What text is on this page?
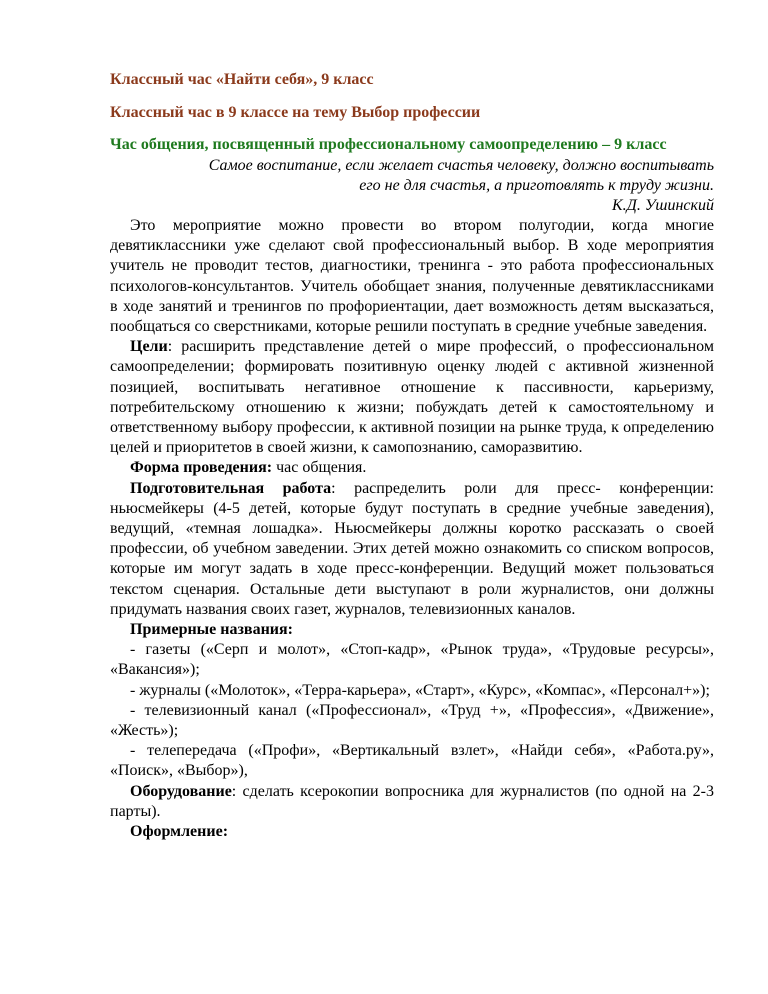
Классный час «Найти себя», 9 класс

Классный час в 9 классе на тему Выбор профессии

Час общения, посвященный профессиональному самоопределению – 9 класс

Самое воспитание, если желает счастья человеку, должно воспитывать
его не для счастья, а приготовлять к труду жизни.
К.Д. Ушинский

Это мероприятие можно провести во втором полугодии, когда многие девятиклассники уже сделают свой профессиональный выбор. В ходе мероприятия учитель не проводит тестов, диагностики, тренинга - это работа профессиональных психологов-консультантов. Учитель обобщает знания, полученные девятиклассниками в ходе занятий и тренингов по профориентации, дает возможность детям высказаться, пообщаться со сверстниками, которые решили поступать в средние учебные заведения.

Цели: расширить представление детей о мире профессий, о профессиональном самоопределении; формировать позитивную оценку людей с активной жизненной позицией, воспитывать негативное отношение к пассивности, карьеризму, потребительскому отношению к жизни; побуждать детей к самостоятельному и ответственному выбору профессии, к активной позиции на рынке труда, к определению целей и приоритетов в своей жизни, к самопознанию, саморазвитию.

Форма проведения: час общения.

Подготовительная работа: распределить роли для пресс- конференции: ньюсмейкеры (4-5 детей, которые будут поступать в средние учебные заведения), ведущий, «темная лошадка». Ньюсмейкеры должны коротко рассказать о своей профессии, об учебном заведении. Этих детей можно ознакомить со списком вопросов, которые им могут задать в ходе пресс-конференции. Ведущий может пользоваться текстом сценария. Остальные дети выступают в роли журналистов, они должны придумать названия своих газет, журналов, телевизионных каналов.

Примерные названия:

- газеты («Серп и молот», «Стоп-кадр», «Рынок труда», «Трудовые ресурсы», «Вакансия»);

- журналы («Молоток», «Терра-карьера», «Старт», «Курс», «Компас», «Персонал+»);

- телевизионный канал («Профессионал», «Труд +», «Профессия», «Движение», «Жесть»);

- телепередача («Профи», «Вертикальный взлет», «Найди себя», «Работа.ру», «Поиск», «Выбор»),

Оборудование: сделать ксерокопии вопросника для журналистов (по одной на 2-3 парты).

Оформление:
